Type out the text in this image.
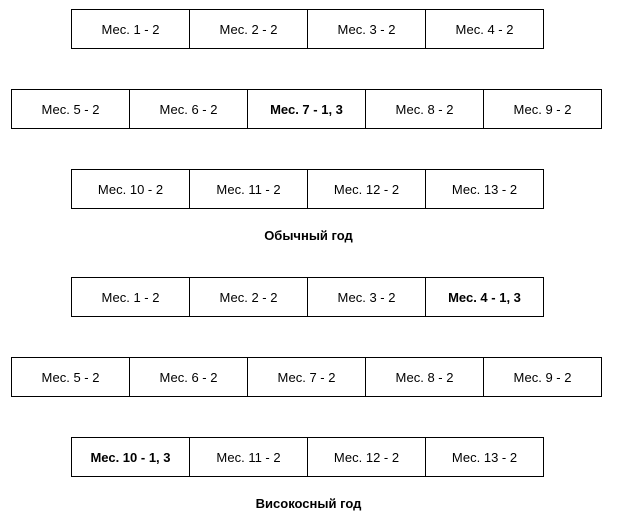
Мес. 1 - 2	Мес. 2 - 2	Мес. 3 - 2	Мес. 4 - 2
Мес. 5 - 2	Мес. 6 - 2	Мес. 7 - 1, 3	Мес. 8 - 2	Мес. 9 - 2
Мес. 10 - 2	Мес. 11 - 2	Мес. 12 - 2	Мес. 13 - 2
Обычный год
Мес. 1 - 2	Мес. 2 - 2	Мес. 3 - 2	Мес. 4 - 1, 3
Мес. 5 - 2	Мес. 6 - 2	Мес. 7 - 2	Мес. 8 - 2	Мес. 9 - 2
Мес. 10 - 1, 3	Мес. 11 - 2	Мес. 12 - 2	Мес. 13 - 2
Високосный год
